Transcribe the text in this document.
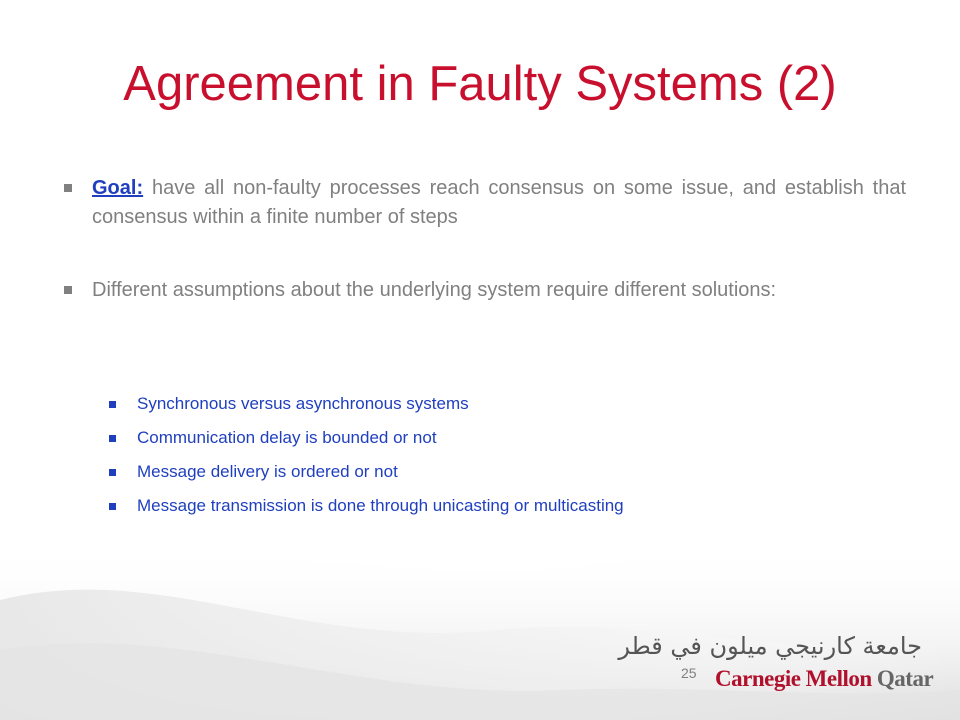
Agreement in Faulty Systems (2)
Goal: have all non-faulty processes reach consensus on some issue, and establish that consensus within a finite number of steps
Different assumptions about the underlying system require different solutions:
Synchronous versus asynchronous systems
Communication delay is bounded or not
Message delivery is ordered or not
Message transmission is done through unicasting or multicasting
25
جامعة كارنيجي ميلون في قطر
Carnegie Mellon Qatar
